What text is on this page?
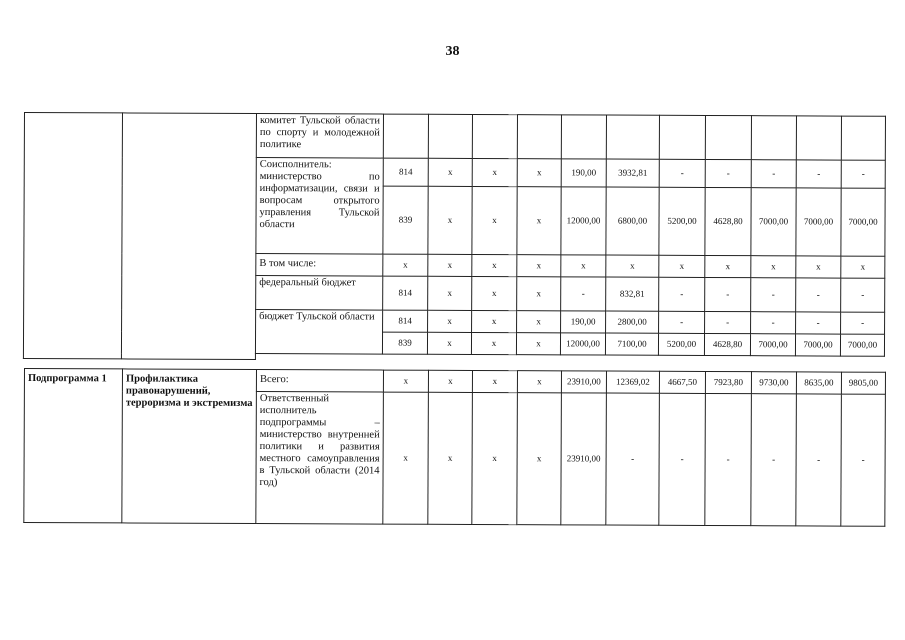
38
		комитет Тульской области по спорту и молодежной политике											
		Соисполнитель: министерство по информатизации, связи и вопросам открытого управления Тульской области	814	х	х	х	190,00	3932,81	-	-	-	-	-
			839	х	х	х	12000,00	6800,00	5200,00	4628,80	7000,00	7000,00	7000,00
		В том числе:	х	х	х	х	х	х	х	х	х	х	х
		федеральный бюджет	814	х	х	х	-	832,81	-	-	-	-	-
		бюджет Тульской области	814	х	х	х	190,00	2800,00	-	-	-	-	-
			839	х	х	х	12000,00	7100,00	5200,00	4628,80	7000,00	7000,00	7000,00

Подпрограмма 1	Профилактика правонарушений, терроризма и экстремизма	Всего:	х	х	х	х	23910,00	12369,02	4667,50	7923,80	9730,00	8635,00	9805,00
		Ответственный исполнитель подпрограммы – министерство внутренней политики и развития местного самоуправления в Тульской области (2014 год)	х	х	х	х	23910,00	-	-	-	-	-	-
